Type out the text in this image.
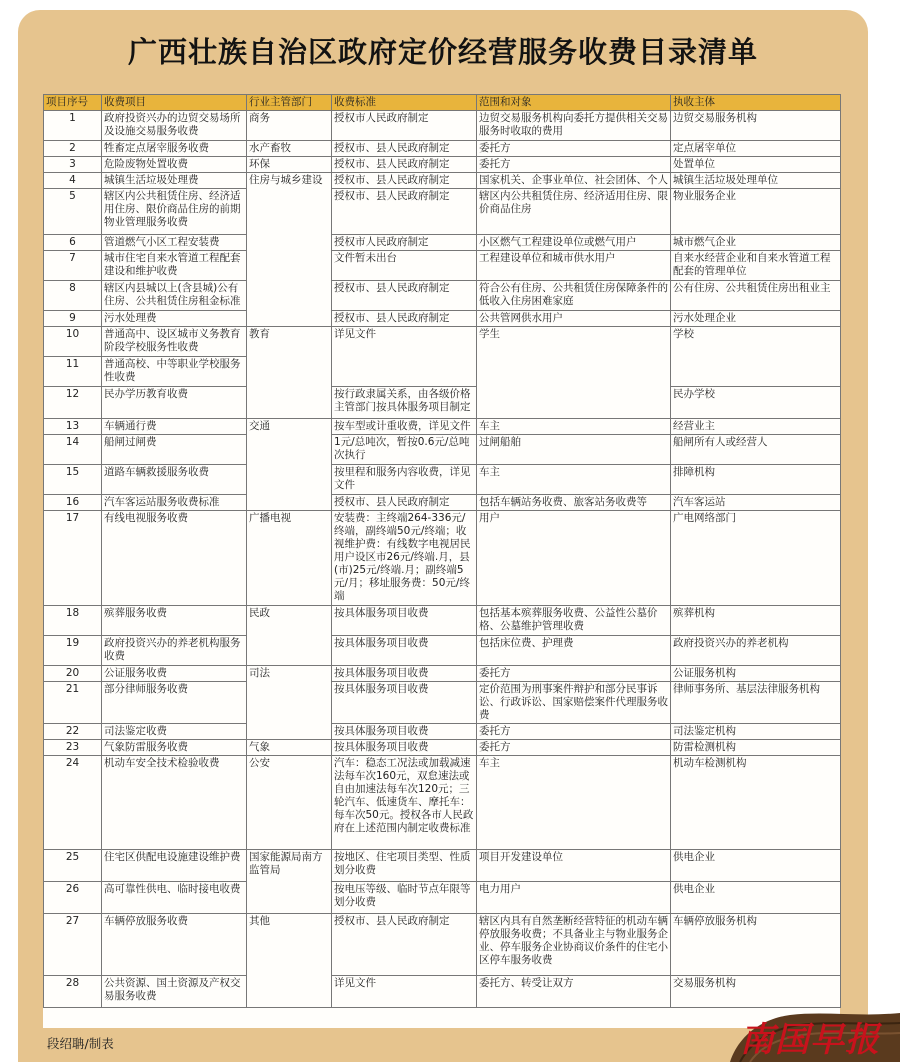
广西壮族自治区政府定价经营服务收费目录清单
项目序号	收费项目	行业主管部门	收费标准	范围和对象	执收主体
1	政府投资兴办的边贸交易场所及设施交易服务收费	商务	授权市人民政府制定	边贸交易服务机构向委托方提供相关交易服务时收取的费用	边贸交易服务机构
2	牲畜定点屠宰服务收费	水产畜牧	授权市、县人民政府制定	委托方	定点屠宰单位
3	危险废物处置收费	环保	授权市、县人民政府制定	委托方	处置单位
4	城镇生活垃圾处理费	住房与城乡建设	授权市、县人民政府制定	国家机关、企事业单位、社会团体、个人	城镇生活垃圾处理单位
5	辖区内公共租赁住房、经济适用住房、限价商品住房的前期物业管理服务收费		授权市、县人民政府制定	辖区内公共租赁住房、经济适用住房、限价商品住房	物业服务企业
6	管道燃气小区工程安装费		授权市人民政府制定	小区燃气工程建设单位或燃气用户	城市燃气企业
7	城市住宅自来水管道工程配套建设和维护收费		文件暂未出台	工程建设单位和城市供水用户	自来水经营企业和自来水管道工程配套的管理单位
8	辖区内县城以上(含县城)公有住房、公共租赁住房租金标准		授权市、县人民政府制定	符合公有住房、公共租赁住房保障条件的低收入住房困难家庭	公有住房、公共租赁住房出租业主
9	污水处理费		授权市、县人民政府制定	公共管网供水用户	污水处理企业
10	普通高中、设区城市义务教育阶段学校服务性收费	教育	详见文件	学生	学校
11	普通高校、中等职业学校服务性收费				
12	民办学历教育收费		按行政隶属关系，由各级价格主管部门按具体服务项目制定		民办学校
13	车辆通行费	交通	按车型或计重收费，详见文件	车主	经营业主
14	船闸过闸费		1元/总吨次，暂按0.6元/总吨次执行	过闸船舶	船闸所有人或经营人
15	道路车辆救援服务收费		按里程和服务内容收费，详见文件	车主	排障机构
16	汽车客运站服务收费标准		授权市、县人民政府制定	包括车辆站务收费、旅客站务收费等	汽车客运站
17	有线电视服务收费	广播电视	安装费：主终端264-336元/终端，副终端50元/终端；收视维护费：有线数字电视居民用户设区市26元/终端.月，县(市)25元/终端.月；副终端5元/月；移址服务费：50元/终端	用户	广电网络部门
18	殡葬服务收费	民政	按具体服务项目收费	包括基本殡葬服务收费、公益性公墓价格、公墓维护管理收费	殡葬机构
19	政府投资兴办的养老机构服务收费		按具体服务项目收费	包括床位费、护理费	政府投资兴办的养老机构
20	公证服务收费	司法	按具体服务项目收费	委托方	公证服务机构
21	部分律师服务收费		按具体服务项目收费	定价范围为刑事案件辩护和部分民事诉讼、行政诉讼、国家赔偿案件代理服务收费	律师事务所、基层法律服务机构
22	司法鉴定收费		按具体服务项目收费	委托方	司法鉴定机构
23	气象防雷服务收费	气象	按具体服务项目收费	委托方	防雷检测机构
24	机动车安全技术检验收费	公安	汽车：稳态工况法或加载减速法每车次160元，双怠速法或自由加速法每车次120元；三轮汽车、低速货车、摩托车：每车次50元。授权各市人民政府在上述范围内制定收费标准	车主	机动车检测机构
25	住宅区供配电设施建设维护费	国家能源局南方监管局	按地区、住宅项目类型、性质划分收费	项目开发建设单位	供电企业
26	高可靠性供电、临时接电收费		按电压等级、临时节点年限等划分收费	电力用户	供电企业
27	车辆停放服务收费	其他	授权市、县人民政府制定	辖区内具有自然垄断经营特征的机动车辆停放服务收费；不具备业主与物业服务企业、停车服务企业协商议价条件的住宅小区停车服务收费	车辆停放服务机构
28	公共资源、国土资源及产权交易服务收费		详见文件	委托方、转受让双方	交易服务机构
段绍聃/制表	南国早报
